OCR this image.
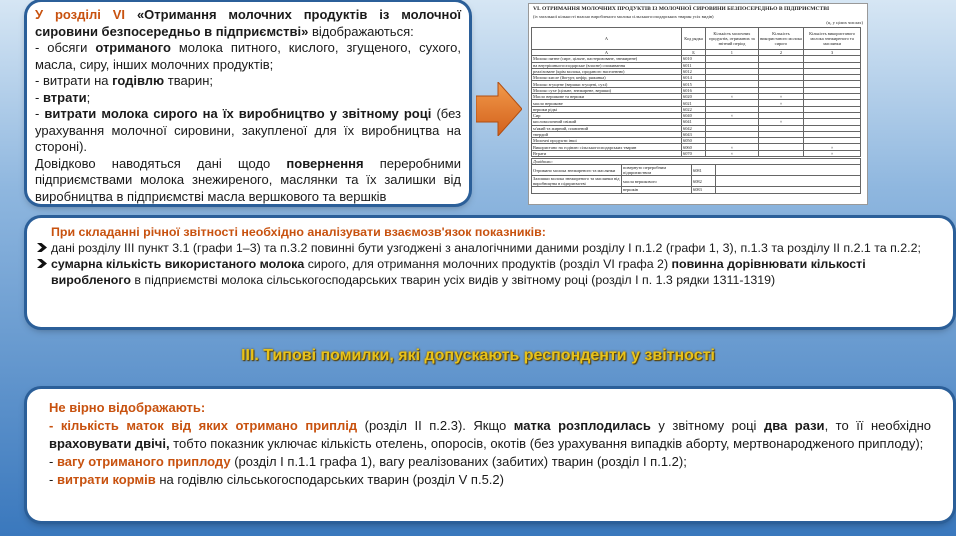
У розділі VI «Отримання молочних продуктів із молочної сировини безпосередньо в підприємстві» відображаються:

- обсяги отриманого молока питного, кислого, згущеного, сухого, масла, сиру, інших молочних продуктів;

- витрати на годівлю тварин;

- втрати;

- витрати молока сирого на їх виробництво у звітному році (без урахування молочної сировини, закупленої для їх виробництва на стороні).

Довідково наводяться дані щодо повернення переробними підприємствами молока знежиреного, маслянки та їх залишки від виробництва в підприємстві масла вершкового та вершків

VI. ОТРИМАННЯ МОЛОЧНИХ ПРОДУКТІВ ІЗ МОЛОЧНОЇ СИРОВИНИ БЕЗПОСЕРЕДНЬО В ПІДПРИЄМСТВІ
(із загальної кількості власно виробленого молока сільськогосподарських тварин усіх видів)
(ц, у цілих числах)
А	Код рядка	Кількість молочних продуктів, отриманих за звітний період	Кількість використаного молока сирого	Кількість використаного молока знежиреного та маслянки
А	Б	1	2	3
Молоко питне (сире, цільне, пастеризоване, знежирене)	6010			
на внутрішньогосподарське (власне) споживання	6011			
реалізоване (крім молока, проданого населенню)	6012			
Молоко кисле (йогурт, кефір, ряжанка)	6014			
Молоко згущене (вершки згущені, сухі)	6015			
Молоко сухе (цільне, знежирене, вершки)	6016			
Масло вершкове та вершки	6020	×	×	
масло вершкове	6021		×	
вершки рідкі	6022			
Сир	6040	×		
кисломолочний свіжий	6041		×	
м'який та жирний, плавлений	6042			
твердий	6043			
Молочні продукти інші	6050			
Використано на годівлю сільськогосподарських тварин	6060	×		×
Втрати	6070	×		×
Довідково:			
Отримано молока знежиреного та маслянки	повернуто переробним підприємством	6081	
Залишки молока знежиреного та маслянки від виробництва в підприємстві	масла вершкового	6082	
	вершків	6083	

При складанні річної звітності необхідно аналізувати взаємозв'язок показників:

дані розділу ІІІ пункт 3.1 (графи 1–3) та п.3.2 повинні бути узгоджені з аналогічними даними розділу І п.1.2 (графи 1, 3), п.1.3 та розділу ІІ п.2.1 та п.2.2;

сумарна кількість використаного молока сирого, для отримання молочних продуктів (розділ VI графа 2) повинна дорівнювати кількості виробленого в підприємстві молока сільськогосподарських тварин усіх видів у звітному році (розділ І п. 1.3 рядки 1311-1319)

ІІІ. Типові помилки, які допускають респонденти у звітності

Не вірно відображають:

- кількість маток від яких отримано приплід (розділ ІІ п.2.3). Якщо матка розплодилась у звітному році два рази, то її необхідно враховувати двічі, тобто показник уключає кількість отелень, опоросів, окотів (без урахування випадків аборту, мертвонародженого приплоду);

- вагу отриманого приплоду (розділ І п.1.1 графа 1), вагу реалізованих (забитих) тварин (розділ І п.1.2);

- витрати кормів на годівлю сільськогосподарських тварин (розділ V п.5.2)
